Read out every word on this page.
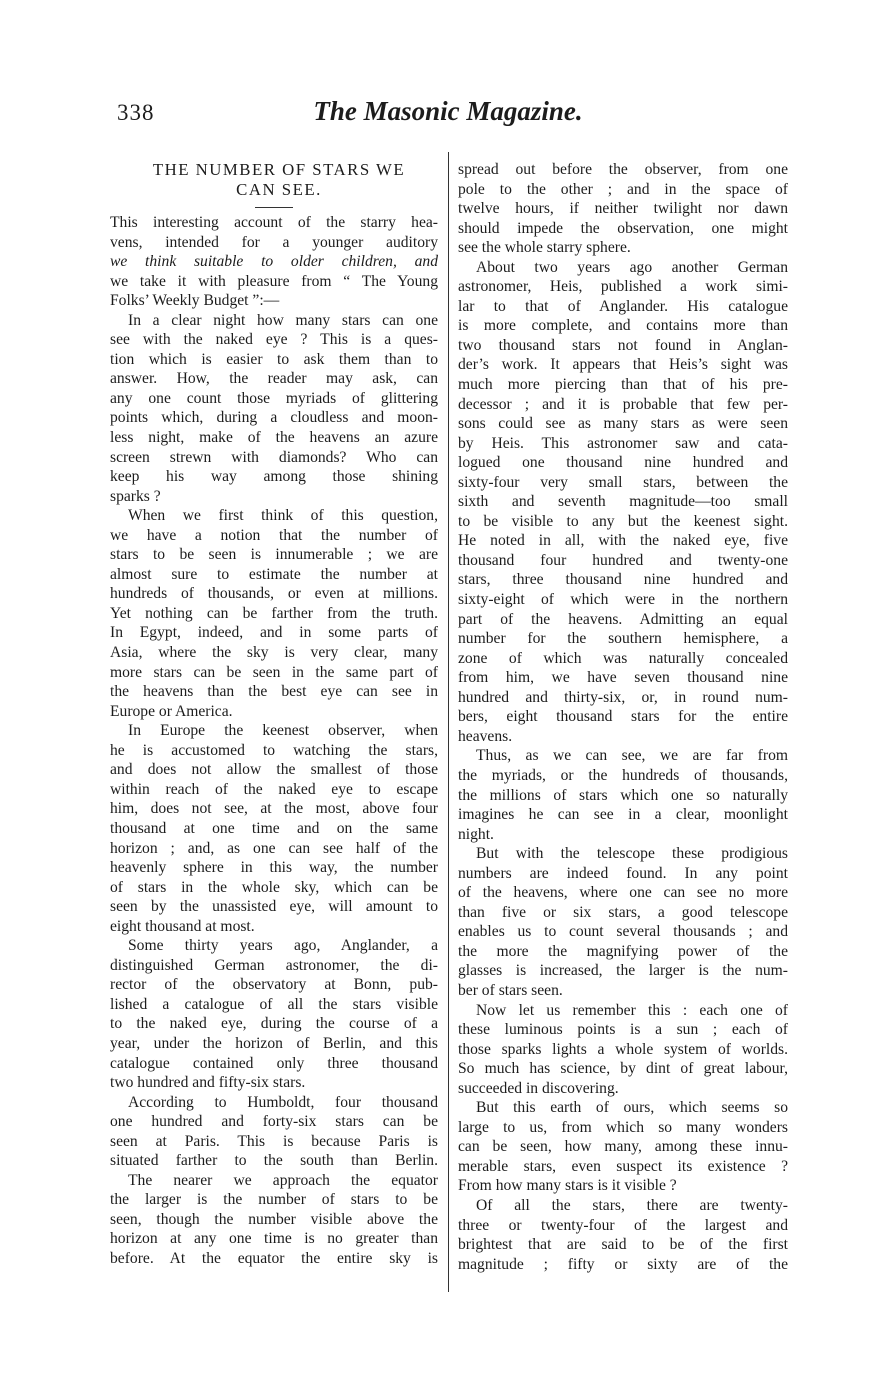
338	The Masonic Magazine.
THE NUMBER OF STARS WE
CAN SEE.
This interesting account of the starry hea-
vens, intended for a younger auditory
we think suitable to older children, and
we take it with pleasure from “ The Young
Folks’ Weekly Budget ”:—
In a clear night how many stars can one
see with the naked eye ? This is a ques-
tion which is easier to ask them than to
answer. How, the reader may ask, can
any one count those myriads of glittering
points which, during a cloudless and moon-
less night, make of the heavens an azure
screen strewn with diamonds? Who can
keep his way among those shining
sparks ?
When we first think of this question,
we have a notion that the number of
stars to be seen is innumerable ; we are
almost sure to estimate the number at
hundreds of thousands, or even at millions.
Yet nothing can be farther from the truth.
In Egypt, indeed, and in some parts of
Asia, where the sky is very clear, many
more stars can be seen in the same part of
the heavens than the best eye can see in
Europe or America.
In Europe the keenest observer, when
he is accustomed to watching the stars,
and does not allow the smallest of those
within reach of the naked eye to escape
him, does not see, at the most, above four
thousand at one time and on the same
horizon ; and, as one can see half of the
heavenly sphere in this way, the number
of stars in the whole sky, which can be
seen by the unassisted eye, will amount to
eight thousand at most.
Some thirty years ago, Anglander, a
distinguished German astronomer, the di-
rector of the observatory at Bonn, pub-
lished a catalogue of all the stars visible
to the naked eye, during the course of a
year, under the horizon of Berlin, and this
catalogue contained only three thousand
two hundred and fifty-six stars.
According to Humboldt, four thousand
one hundred and forty-six stars can be
seen at Paris. This is because Paris is
situated farther to the south than Berlin.
The nearer we approach the equator
the larger is the number of stars to be
seen, though the number visible above the
horizon at any one time is no greater than
before. At the equator the entire sky is
spread out before the observer, from one
pole to the other ; and in the space of
twelve hours, if neither twilight nor dawn
should impede the observation, one might
see the whole starry sphere.
About two years ago another German
astronomer, Heis, published a work simi-
lar to that of Anglander. His catalogue
is more complete, and contains more than
two thousand stars not found in Anglan-
der’s work. It appears that Heis’s sight was
much more piercing than that of his pre-
decessor ; and it is probable that few per-
sons could see as many stars as were seen
by Heis. This astronomer saw and cata-
logued one thousand nine hundred and
sixty-four very small stars, between the
sixth and seventh magnitude—too small
to be visible to any but the keenest sight.
He noted in all, with the naked eye, five
thousand four hundred and twenty-one
stars, three thousand nine hundred and
sixty-eight of which were in the northern
part of the heavens. Admitting an equal
number for the southern hemisphere, a
zone of which was naturally concealed
from him, we have seven thousand nine
hundred and thirty-six, or, in round num-
bers, eight thousand stars for the entire
heavens.
Thus, as we can see, we are far from
the myriads, or the hundreds of thousands,
the millions of stars which one so naturally
imagines he can see in a clear, moonlight
night.
But with the telescope these prodigious
numbers are indeed found. In any point
of the heavens, where one can see no more
than five or six stars, a good telescope
enables us to count several thousands ; and
the more the magnifying power of the
glasses is increased, the larger is the num-
ber of stars seen.
Now let us remember this : each one of
these luminous points is a sun ; each of
those sparks lights a whole system of worlds.
So much has science, by dint of great labour,
succeeded in discovering.
But this earth of ours, which seems so
large to us, from which so many wonders
can be seen, how many, among these innu-
merable stars, even suspect its existence ?
From how many stars is it visible ?
Of all the stars, there are twenty-
three or twenty-four of the largest and
brightest that are said to be of the first
magnitude ; fifty or sixty are of the
